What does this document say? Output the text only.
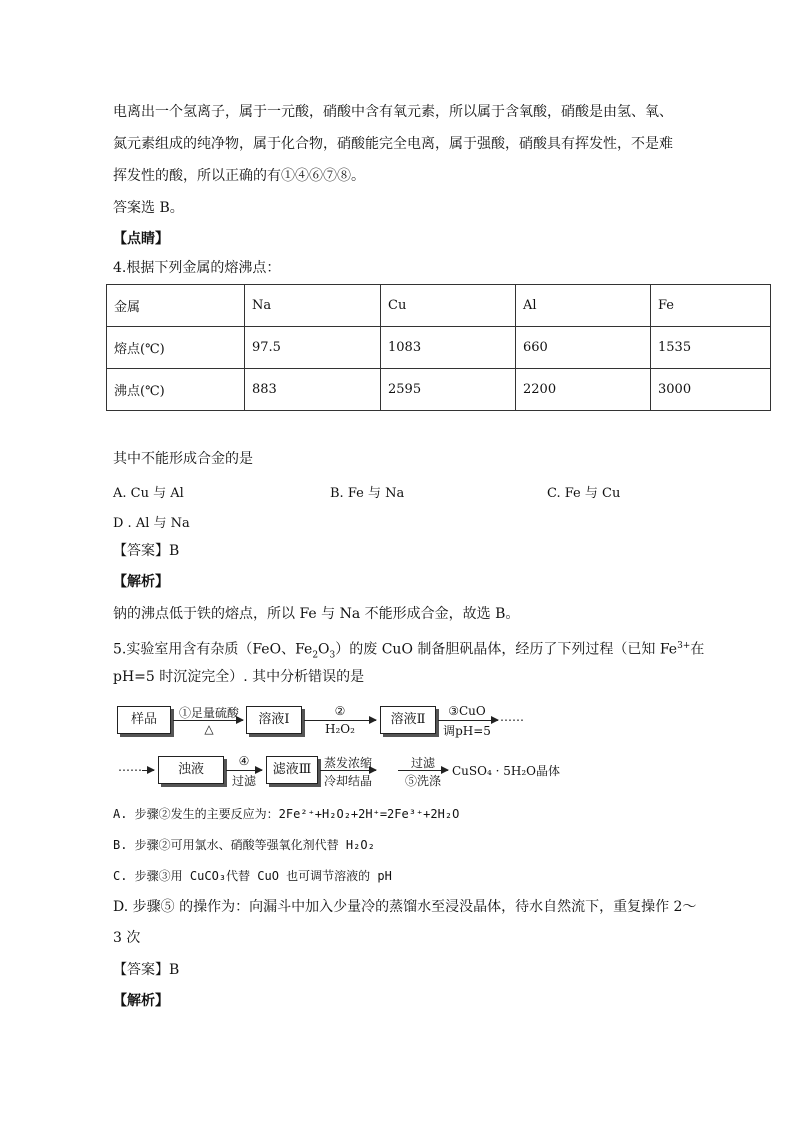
电离出一个氢离子，属于一元酸，硝酸中含有氧元素，所以属于含氧酸，硝酸是由氢、氧、
氮元素组成的纯净物，属于化合物，硝酸能完全电离，属于强酸，硝酸具有挥发性，不是难
挥发性的酸，所以正确的有①④⑥⑦⑧。
答案选 B。
【点睛】
4.根据下列金属的熔沸点：
金属	Na	Cu	Al	Fe
熔点(℃)	97.5	1083	660	1535
沸点(℃)	883	2595	2200	3000
其中不能形成合金的是
A. Cu 与 Al	B. Fe 与 Na	C. Fe 与 Cu
D . Al 与 Na
【答案】B
【解析】
钠的沸点低于铁的熔点，所以 Fe 与 Na 不能形成合金，故选 B。
5.实验室用含有杂质（FeO、$Fe_2O_3$）的废 CuO 制备胆矾晶体，经历了下列过程（已知 $Fe^{3+}$在
pH=5 时沉淀完全）. 其中分析错误的是
样品	①足量硫酸
△
溶液Ⅰ
②
H₂O₂
溶液Ⅱ
③CuO
调pH=5
……
……	浊液
④
过滤
滤液Ⅲ	蒸发浓缩
冷却结晶
过滤
⑤洗涤
CuSO₄ · 5H₂O晶体
A. 步骤②发生的主要反应为：2Fe²⁺+H₂O₂+2H⁺=2Fe³⁺+2H₂O
B. 步骤②可用氯水、硝酸等强氧化剂代替 H₂O₂
C. 步骤③用 CuCO₃代替 CuO 也可调节溶液的 pH
D. 步骤⑤ 的操作为：向漏斗中加入少量冷的蒸馏水至浸没晶体，待水自然流下，重复操作 2～
3 次
【答案】B
【解析】
